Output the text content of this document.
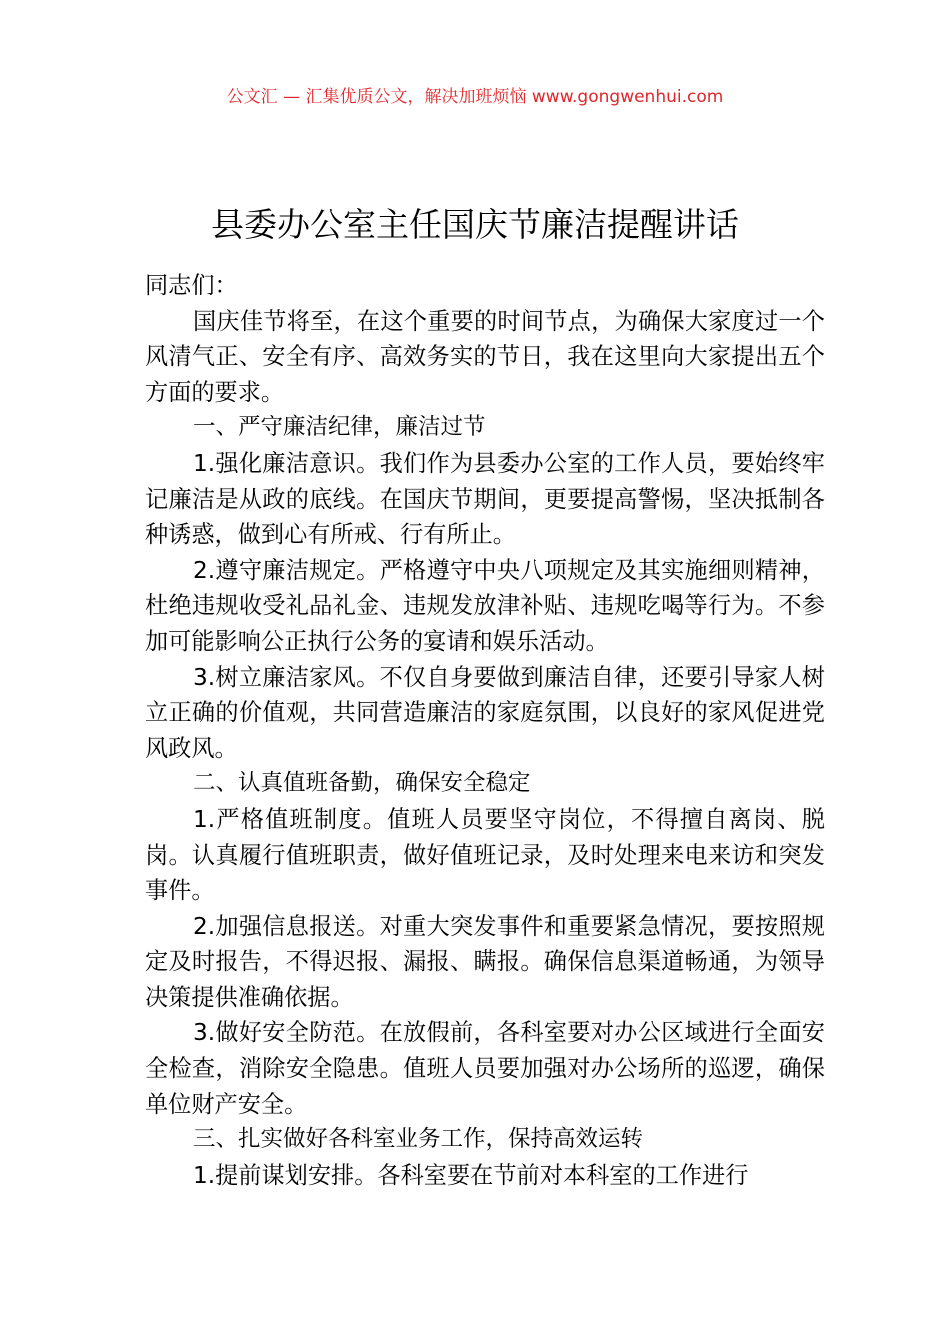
公文汇 — 汇集优质公文，解决加班烦恼 www.gongwenhui.com
县委办公室主任国庆节廉洁提醒讲话

同志们：

国庆佳节将至，在这个重要的时间节点，为确保大家度过一个风清气正、安全有序、高效务实的节日，我在这里向大家提出五个方面的要求。

一、严守廉洁纪律，廉洁过节

1.强化廉洁意识。我们作为县委办公室的工作人员，要始终牢记廉洁是从政的底线。在国庆节期间，更要提高警惕，坚决抵制各种诱惑，做到心有所戒、行有所止。

2.遵守廉洁规定。严格遵守中央八项规定及其实施细则精神，杜绝违规收受礼品礼金、违规发放津补贴、违规吃喝等行为。不参加可能影响公正执行公务的宴请和娱乐活动。

3.树立廉洁家风。不仅自身要做到廉洁自律，还要引导家人树立正确的价值观，共同营造廉洁的家庭氛围，以良好的家风促进党风政风。

二、认真值班备勤，确保安全稳定

1.严格值班制度。值班人员要坚守岗位，不得擅自离岗、脱岗。认真履行值班职责，做好值班记录，及时处理来电来访和突发事件。

2.加强信息报送。对重大突发事件和重要紧急情况，要按照规定及时报告，不得迟报、漏报、瞒报。确保信息渠道畅通，为领导决策提供准确依据。

3.做好安全防范。在放假前，各科室要对办公区域进行全面安全检查，消除安全隐患。值班人员要加强对办公场所的巡逻，确保单位财产安全。

三、扎实做好各科室业务工作，保持高效运转

1.提前谋划安排。各科室要在节前对本科室的工作进行
